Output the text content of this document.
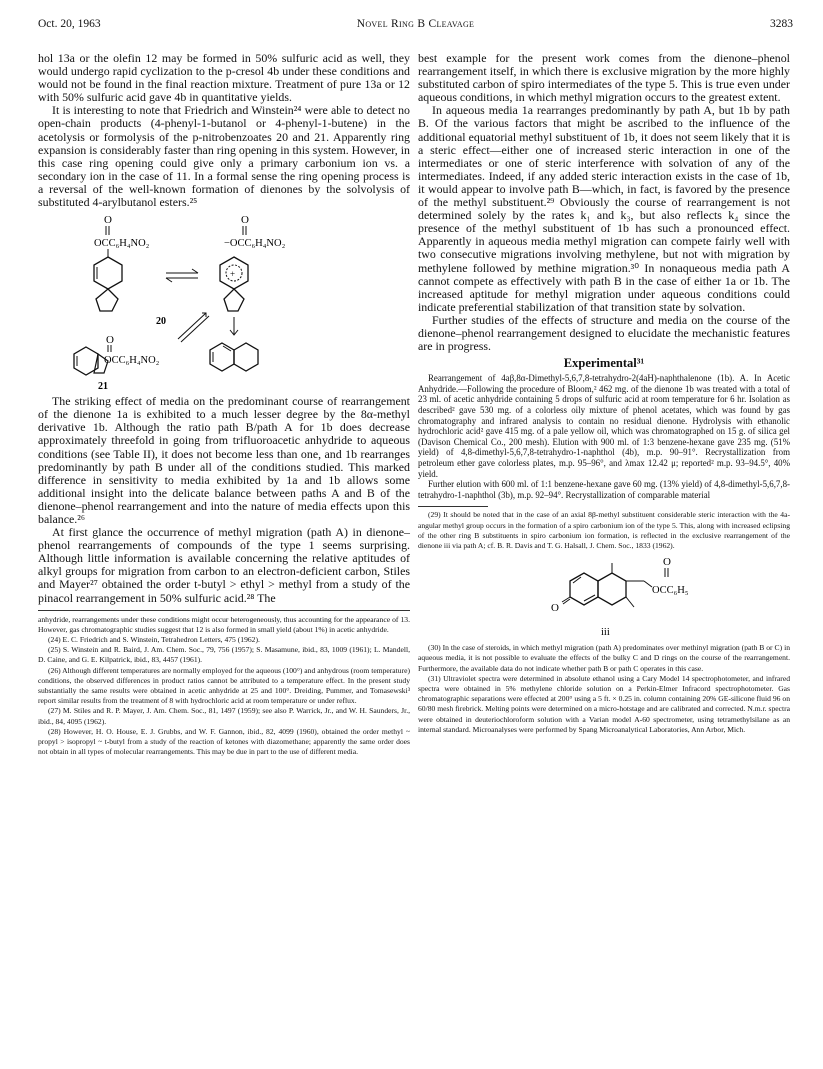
Oct. 20, 1963	Novel Ring B Cleavage	3283

hol 13a or the olefin 12 may be formed in 50% sulfuric acid as well, they would undergo rapid cyclization to the p-cresol 4b under these conditions and would not be found in the final reaction mixture. Treatment of pure 13a or 12 with 50% sulfuric acid gave 4b in quantitative yields.

It is interesting to note that Friedrich and Winstein²⁴ were able to detect no open-chain products (4-phenyl-1-butanol or 4-phenyl-1-butene) in the acetolysis or formolysis of the p-nitrobenzoates 20 and 21. Apparently ring expansion is considerably faster than ring opening in this system. However, in this case ring opening could give only a primary carbonium ion vs. a secondary ion in the case of 11. In a formal sense the ring opening process is a reversal of the well-known formation of dienones by the solvolysis of substituted 4-arylbutanol esters.²⁵

O
OCC₆H₄NO₂
O
−OCC₆H₄NO₂
+
20
O
OCC₆H₄NO₂
21

The striking effect of media on the predominant course of rearrangement of the dienone 1a is exhibited to a much lesser degree by the 8α-methyl derivative 1b. Although the ratio path B/path A for 1b does decrease approximately threefold in going from trifluoroacetic anhydride to aqueous conditions (see Table II), it does not become less than one, and 1b rearranges predominantly by path B under all of the conditions studied. This marked difference in sensitivity to media exhibited by 1a and 1b allows some additional insight into the delicate balance between paths A and B of the dienone–phenol rearrangement and into the nature of media effects upon this balance.²⁶

At first glance the occurrence of methyl migration (path A) in dienone–phenol rearrangements of compounds of the type 1 seems surprising. Although little information is available concerning the relative aptitudes of alkyl groups for migration from carbon to an electron-deficient carbon, Stiles and Mayer²⁷ obtained the order t-butyl > ethyl > methyl from a study of the pinacol rearrangement in 50% sulfuric acid.²⁸ The

anhydride, rearrangements under these conditions might occur heterogeneously, thus accounting for the appearance of 13. However, gas chromatographic studies suggest that 12 is also formed in small yield (about 1%) in acetic anhydride.

(24) E. C. Friedrich and S. Winstein, Tetrahedron Letters, 475 (1962).

(25) S. Winstein and R. Baird, J. Am. Chem. Soc., 79, 756 (1957); S. Masamune, ibid., 83, 1009 (1961); L. Mandell, D. Caine, and G. E. Kilpatrick, ibid., 83, 4457 (1961).

(26) Although different temperatures are normally employed for the aqueous (100°) and anhydrous (room temperature) conditions, the observed differences in product ratios cannot be attributed to a temperature effect. In the present study substantially the same results were obtained in acetic anhydride at 25 and 100°. Dreiding, Pummer, and Tomasewski³ report similar results from the treatment of 8 with hydrochloric acid at room temperature or under reflux.

(27) M. Stiles and R. P. Mayer, J. Am. Chem. Soc., 81, 1497 (1959); see also P. Warrick, Jr., and W. H. Saunders, Jr., ibid., 84, 4095 (1962).

(28) However, H. O. House, E. J. Grubbs, and W. F. Gannon, ibid., 82, 4099 (1960), obtained the order methyl ~ propyl > isopropyl ~ t-butyl from a study of the reaction of ketones with diazomethane; apparently the same order does not obtain in all types of molecular rearrangements. This may be due in part to the use of different media.

best example for the present work comes from the dienone–phenol rearrangement itself, in which there is exclusive migration by the more highly substituted carbon of spiro intermediates of the type 5. This is true even under aqueous conditions, in which methyl migration occurs to the greatest extent.

In aqueous media 1a rearranges predominantly by path A, but 1b by path B. Of the various factors that might be ascribed to the influence of the additional equatorial methyl substituent of 1b, it does not seem likely that it is a steric effect—either one of increased steric interaction in one of the intermediates or one of steric interference with solvation of any of the intermediates. Indeed, if any added steric interaction exists in the case of 1b, it would appear to involve path B—which, in fact, is favored by the presence of the methyl substituent.²⁹ Obviously the course of rearrangement is not determined solely by the rates k₁ and k₃, but also reflects k₄ since the presence of the methyl substituent of 1b has such a pronounced effect. Apparently in aqueous media methyl migration can compete fairly well with two consecutive migrations involving methylene, but not with migration by methylene followed by methine migration.³⁰ In nonaqueous media path A cannot compete as effectively with path B in the case of either 1a or 1b. The increased aptitude for methyl migration under aqueous conditions could indicate preferential stabilization of that transition state by solvation.

Further studies of the effects of structure and media on the course of the dienone–phenol rearrangement designed to elucidate the mechanistic features are in progress.

Experimental³¹

Rearrangement of 4aβ,8α-Dimethyl-5,6,7,8-tetrahydro-2(4aH)-naphthalenone (1b). A. In Acetic Anhydride.—Following the procedure of Bloom,² 462 mg. of the dienone 1b was treated with a total of 23 ml. of acetic anhydride containing 5 drops of sulfuric acid at room temperature for 6 hr. Isolation as described² gave 530 mg. of a colorless oily mixture of phenol acetates, which was found by gas chromatography and infrared analysis to contain no residual dienone. Hydrolysis with ethanolic hydrochloric acid² gave 415 mg. of a pale yellow oil, which was chromatographed on 15 g. of silica gel (Davison Chemical Co., 200 mesh). Elution with 900 ml. of 1:3 benzene-hexane gave 235 mg. (51% yield) of 4,8-dimethyl-5,6,7,8-tetrahydro-1-naphthol (4b), m.p. 90–91°. Recrystallization from petroleum ether gave colorless plates, m.p. 95–96°, and λmax 12.42 μ; reported² m.p. 93–94.5°, 40% yield.

Further elution with 600 ml. of 1:1 benzene-hexane gave 60 mg. (13% yield) of 4,8-dimethyl-5,6,7,8-tetrahydro-1-naphthol (3b), m.p. 92–94°. Recrystallization of comparable material

(29) It should be noted that in the case of an axial 8β-methyl substituent considerable steric interaction with the 4a-angular methyl group occurs in the formation of a spiro carbonium ion of the type 5. This, along with increased eclipsing of the other ring B substituents in spiro carbonium ion formation, is reflected in the exclusive rearrangement of the dienone iii via path A; cf. B. R. Davis and T. G. Halsall, J. Chem. Soc., 1833 (1962).

O
OCC₆H₅
O
iii

(30) In the case of steroids, in which methyl migration (path A) predominates over methinyl migration (path B or C) in aqueous media, it is not possible to evaluate the effects of the bulky C and D rings on the course of the rearrangement. Furthermore, the available data do not indicate whether path B or path C operates in this case.

(31) Ultraviolet spectra were determined in absolute ethanol using a Cary Model 14 spectrophotometer, and infrared spectra were obtained in 5% methylene chloride solution on a Perkin-Elmer Infracord spectrophotometer. Gas chromatographic separations were effected at 200° using a 5 ft. × 0.25 in. column containing 20% GE-silicone fluid 96 on 60/80 mesh firebrick. Melting points were determined on a micro-hotstage and are calibrated and corrected. N.m.r. spectra were obtained in deuteriochloroform solution with a Varian model A-60 spectrometer, using tetramethylsilane as an internal standard. Microanalyses were performed by Spang Microanalytical Laboratories, Ann Arbor, Mich.
